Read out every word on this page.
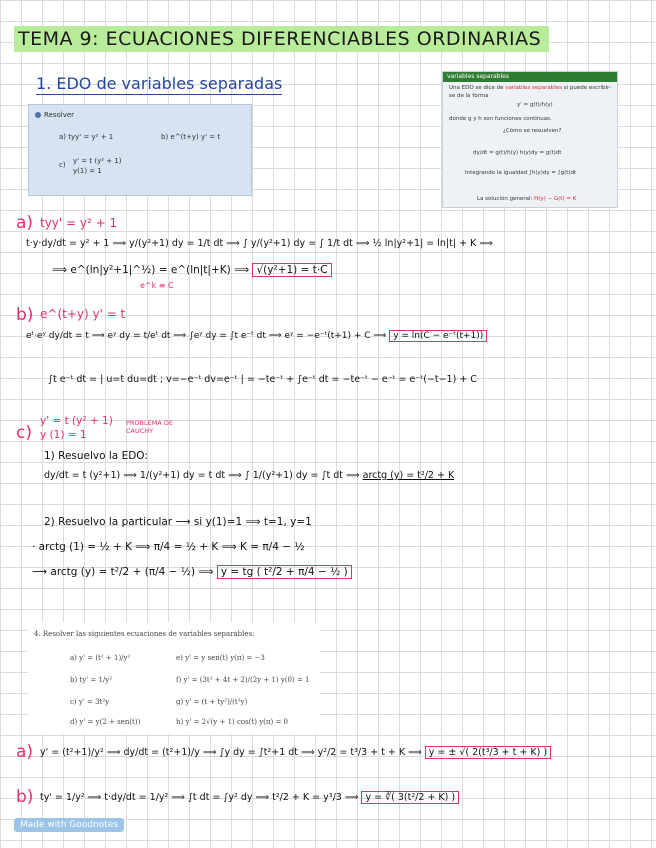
TEMA 9: ECUACIONES DIFERENCIABLES ORDINARIAS
1. EDO de variables separadas
Resolver
a) tyy' = y² + 1	b) e^(t+y) y' = t
c) y' = t (y² + 1)
y(1) = 1
variables separables
Una EDO se dice de variables separables si puede escribir-
se de la forma
y' = g(t)/h(y)
donde g y h son funciones continuas.
¿Cómo se resuelven?
dy/dt = g(t)/h(y) h(y)dy = g(t)dt
Integrando la igualdad ∫h(y)dy = ∫g(t)dt
La solución general: H(y) − G(t) = K
a) tyy' = y² + 1
t·y·dy/dt = y² + 1 ⟹ y/(y²+1) dy = 1/t dt ⟹ ∫ y/(y²+1) dy = ∫ 1/t dt ⟹ ½ ln|y²+1| = ln|t| + K ⟹
⟹ e^(ln|y²+1|^½) = e^(ln|t|+K) ⟹ √(y²+1) = t·C
e^k ≡ C
b) e^(t+y) y' = t
eᵗ·eʸ dy/dt = t ⟹ eʸ dy = t/eᵗ dt ⟹ ∫eʸ dy = ∫t e⁻ᵗ dt ⟹ eʸ = −e⁻ᵗ(t+1) + C ⟹ y = ln(C − e⁻ᵗ(t+1))
∫t e⁻ᵗ dt = | u=t du=dt ; v=−e⁻ᵗ dv=e⁻ᵗ | = −te⁻ᵗ + ∫e⁻ᵗ dt = −te⁻ᵗ − e⁻ᵗ = e⁻ᵗ(−t−1) + C
c)
y' = t (y² + 1)
y (1) = 1
PROBLEMA DE CAUCHY
1) Resuelvo la EDO:
dy/dt = t (y²+1) ⟹ 1/(y²+1) dy = t dt ⟹ ∫ 1/(y²+1) dy = ∫t dt ⟹ arctg (y) = t²/2 + K
2) Resuelvo la particular ⟶ si y(1)=1 ⟹ t=1, y=1
· arctg (1) = ½ + K ⟹ π/4 = ½ + K ⟹ K = π/4 − ½
⟶ arctg (y) = t²/2 + (π/4 − ½) ⟹ y = tg ( t²/2 + π/4 − ½ )
4. Resolver las siguientes ecuaciones de variables separables:
a) y' = (t² + 1)/y²
b) ty' = 1/y²
c) y' = 3t²y
d) y' = y(2 + sen(t))
e) y' = y sen(t) y(π) = −3
f) y' = (3t² + 4t + 2)/(2y + 1) y(0) = 1
g) y' = (t + ty²)/(t²y)
h) y' = 2√(y + 1) cos(t) y(π) = 0
a) y' = (t²+1)/y² ⟹ dy/dt = (t²+1)/y ⟹ ∫y dy = ∫t²+1 dt ⟹ y²/2 = t³/3 + t + K ⟹ y = ± √( 2(t³/3 + t + K) )
b) ty' = 1/y² ⟹ t·dy/dt = 1/y² ⟹ ∫t dt = ∫y² dy ⟹ t²/2 + K = y³/3 ⟹ y = ∛( 3(t²/2 + K) )
Made with Goodnotes
